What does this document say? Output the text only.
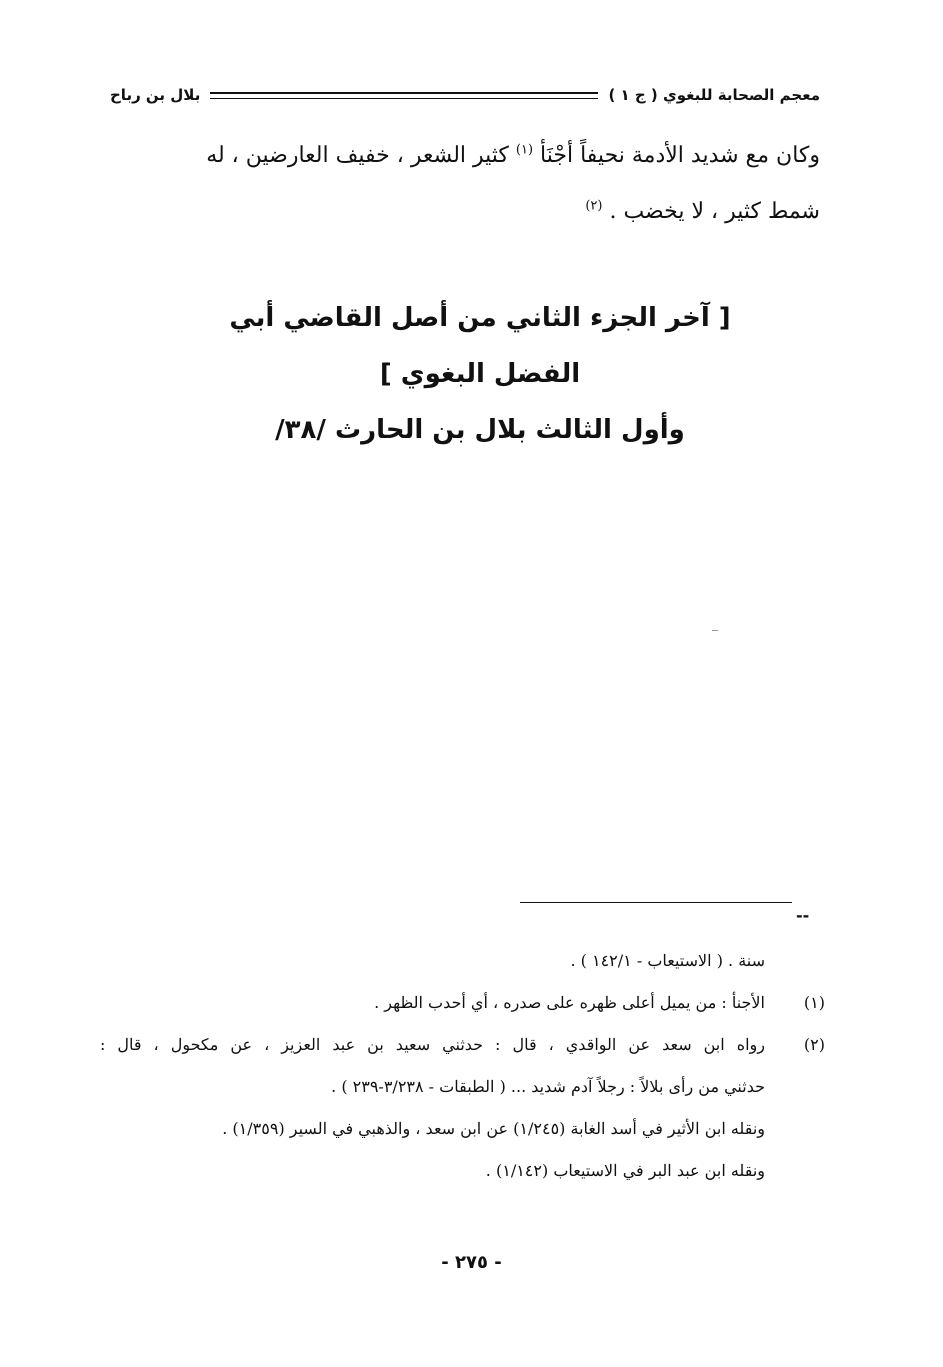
بلال بن رباح	معجم الصحابة للبغوي ( ج ١ )

وكان مع شديد الأدمة نحيفاً أجْنَأ $^{(١)}$ كثير الشعر ، خفيف العارضين ، له
شمط كثير ، لا يخضب . $^{(٢)}$

[ آخر الجزء الثاني من أصل القاضي أبي الفضل البغوي ]
وأول الثالث بلال بن الحارث /٣٨/
--
سنة . ( الاستيعاب - ١٤٢/١ ) .
(١)
الأجنأ : من يميل أعلى ظهره على صدره ، أي أحدب الظهر .
(٢)
رواه ابن سعد عن الواقدي ، قال : حدثني سعيد بن عبد العزيز ، عن مكحول ، قال :
حدثني من رأى بلالاً : رجلاً آدم شديد ... ( الطبقات - ٣/٢٣٨-٢٣٩ ) .
ونقله ابن الأثير في أسد الغابة (١/٢٤٥) عن ابن سعد ، والذهبي في السير (١/٣٥٩) .
ونقله ابن عبد البر في الاستيعاب (١/١٤٢) .
- ٢٧٥ -
